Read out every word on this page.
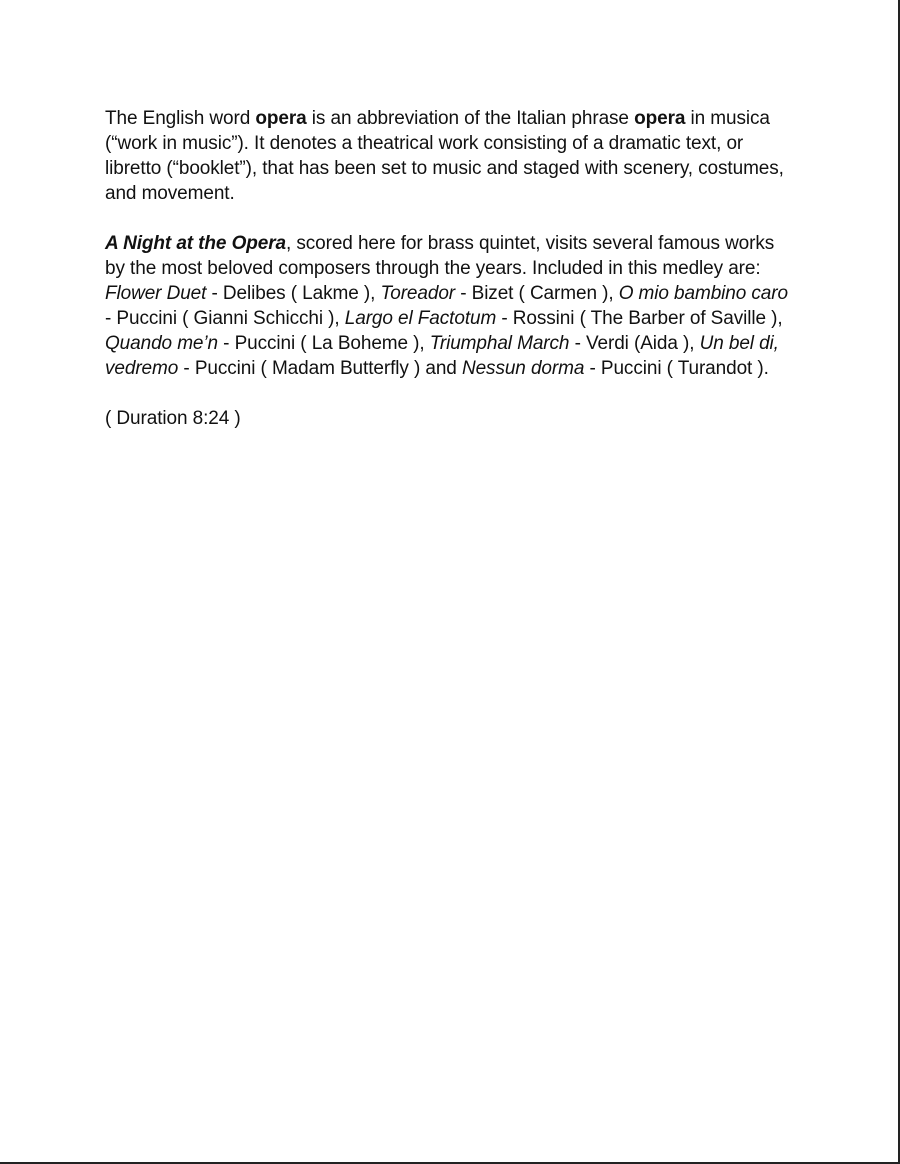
The English word opera is an abbreviation of the Italian phrase opera in musica (“work in music”). It denotes a theatrical work consisting of a dramatic text, or libretto (“booklet”), that has been set to music and staged with scenery, costumes, and movement.

A Night at the Opera, scored here for brass quintet, visits several famous works by the most beloved composers through the years. Included in this medley are: Flower Duet - Delibes ( Lakme ), Toreador - Bizet ( Carmen ), O mio bambino caro - Puccini ( Gianni Schicchi ), Largo el Factotum - Rossini ( The Barber of Saville ), Quando me’n - Puccini ( La Boheme ), Triumphal March - Verdi (Aida ), Un bel di, vedremo - Puccini ( Madam Butterfly ) and Nessun dorma - Puccini ( Turandot ).

( Duration 8:24 )
